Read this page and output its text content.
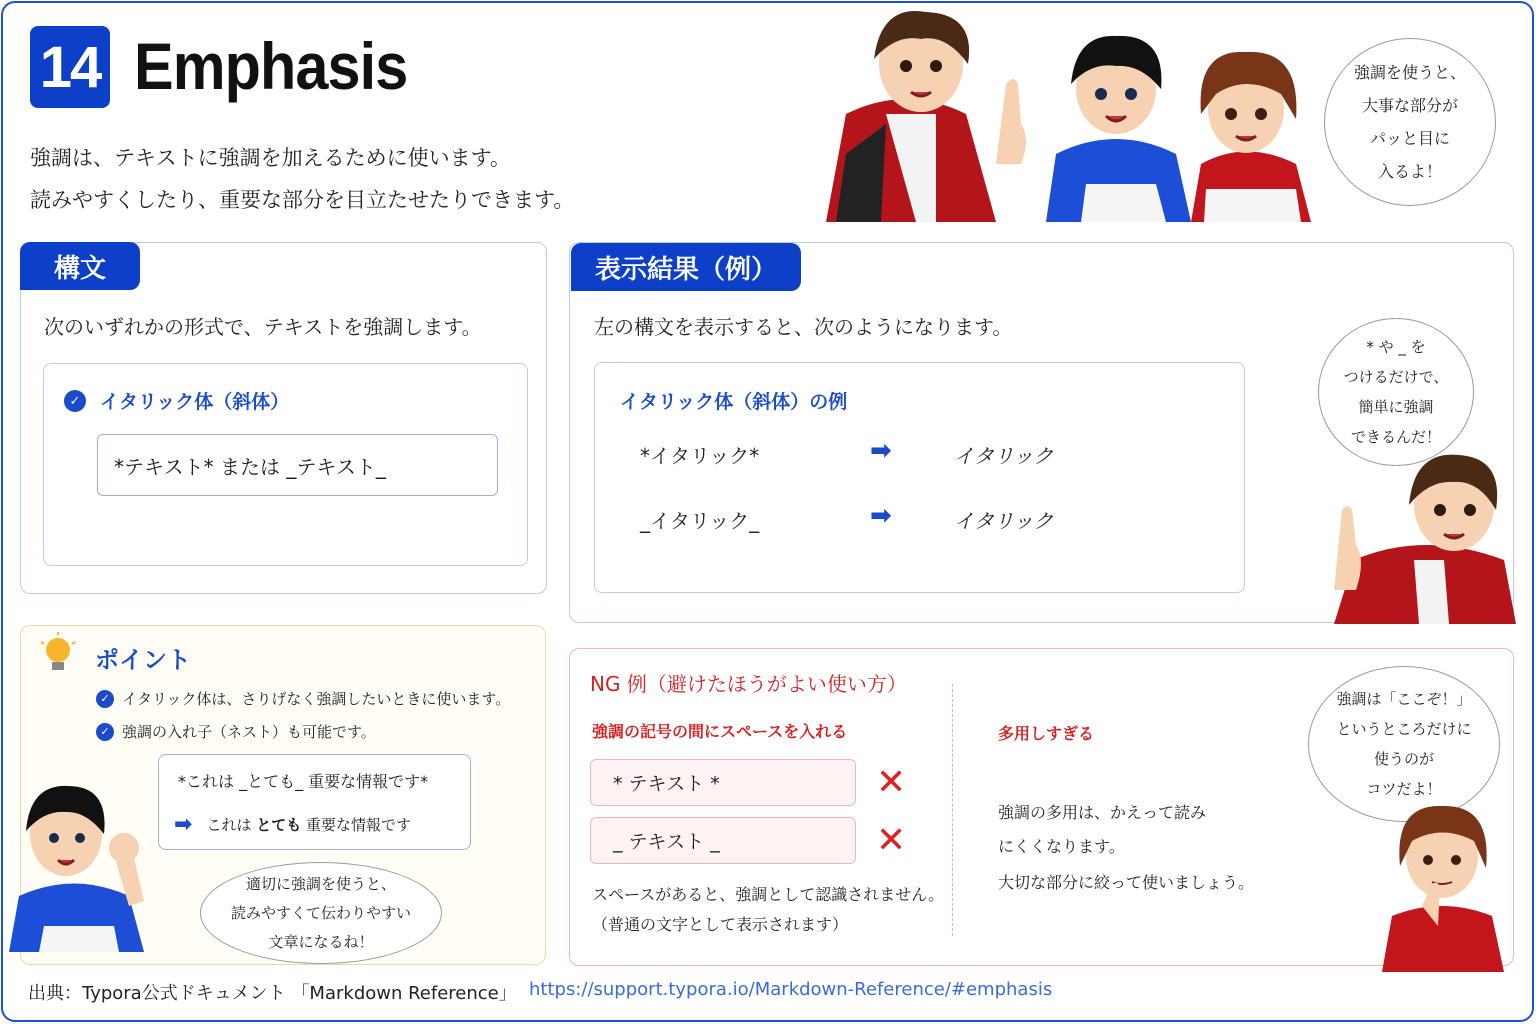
14 Emphasis
強調は、テキストに強調を加えるために使います。
読みやすくしたり、重要な部分を目立たせたりできます。
強調を使うと、
大事な部分が
パッと目に
入るよ！
構文
次のいずれかの形式で、テキストを強調します。
✓ イタリック体（斜体）
*テキスト* または _テキスト_
表示結果（例）
左の構文を表示すると、次のようになります。
イタリック体（斜体）の例
*イタリック*	➡	イタリック
_イタリック_	➡	イタリック
* や _ を
つけるだけで、
簡単に強調
できるんだ！
ポイント
✓ イタリック体は、さりげなく強調したいときに使います。
✓ 強調の入れ子（ネスト）も可能です。
*これは _とても_ 重要な情報です*
➡ これは とても 重要な情報です
適切に強調を使うと、
読みやすくて伝わりやすい
文章になるね！
NG 例（避けたほうがよい使い方）
強調の記号の間にスペースを入れる
* テキスト *	✕
_ テキスト _	✕
スペースがあると、強調として認識されません。
（普通の文字として表示されます）
多用しすぎる
強調の多用は、かえって読み
にくくなります。
大切な部分に絞って使いましょう。
強調は「ここぞ！」
というところだけに
使うのが
コツだよ！
出典：Typora公式ドキュメント 「Markdown Reference」 https://support.typora.io/Markdown-Reference/#emphasis
